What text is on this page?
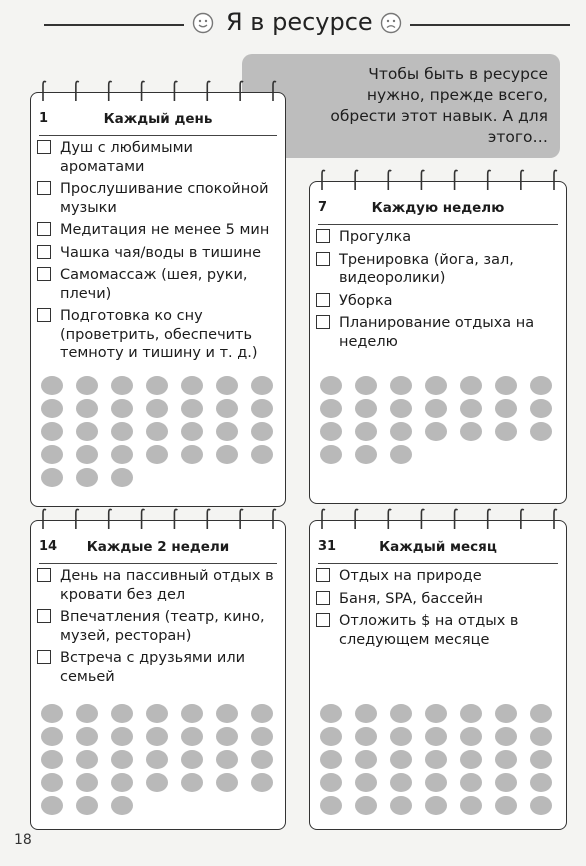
Я в ресурсе
Чтобы быть в ресурсе нужно, прежде всего, обрести этот навык. А для этого…
1	Каждый день
Душ с любимыми ароматами
Прослушивание спокойной музыки
Медитация не менее 5 мин
Чашка чая/воды в тишине
Самомассаж (шея, руки, плечи)
Подготовка ко сну (проветрить, обеспечить темноту и тишину и т. д.)
7	Каждую неделю
Прогулка
Тренировка (йога, зал, видеоролики)
Уборка
Планирование отдыха на неделю
14	Каждые 2 недели
День на пассивный отдых в кровати без дел
Впечатления (театр, кино, музей, ресторан)
Встреча с друзьями или семьей
31	Каждый месяц
Отдых на природе
Баня, SPA, бассейн
Отложить $ на отдых в следующем месяце
18
